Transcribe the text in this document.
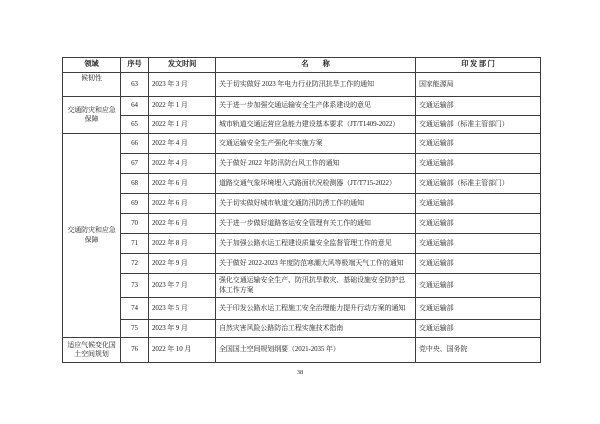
领域	序号	发文时间	名　　称	印 发 部 门
候韧性	63	2023 年 3 月	关于切实做好 2023 年电力行业防汛抗旱工作的通知	国家能源局
交通防灾和应急保障	64	2022 年 1 月	关于进一步加强交通运输安全生产体系建设的意见	交通运输部
	65	2022 年 1 月	城市轨道交通运营应急能力建设基本要求（JT/T1409-2022）	交通运输部（标准主管部门）
交通防灾和应急保障	66	2022 年 4 月	交通运输安全生产强化年实施方案	交通运输部
	67	2022 年 4 月	关于做好 2022 年防汛防台风工作的通知	交通运输部
	68	2022 年 6 月	道路交通气象环境埋入式路面状况检测器（JT/T715-2022）	交通运输部（标准主管部门）
	69	2022 年 6 月	关于切实做好城市轨道交通防汛防涝工作的通知	交通运输部
	70	2022 年 6 月	关于进一步做好道路客运安全管理有关工作的通知	交通运输部
	71	2022 年 8 月	关于加强公路水运工程建设质量安全监督管理工作的意见	交通运输部
	72	2022 年 9 月	关于做好 2022-2023 年度防范寒潮大风等极端天气工作的通知	交通运输部
	73	2023 年 7 月	强化交通运输安全生产、防汛抗旱救灾、基础设施安全防护总体工作方案	交通运输部
	74	2023 年 5 月	关于印发公路水运工程施工安全治理能力提升行动方案的通知	交通运输部
	75	2023 年 9 月	自然灾害风险公路防治工程实施技术指南	交通运输部
适应气候变化国土空间规划	76	2022 年 10 月	全国国土空间规划纲要（2021-2035 年）	党中央、国务院
38
